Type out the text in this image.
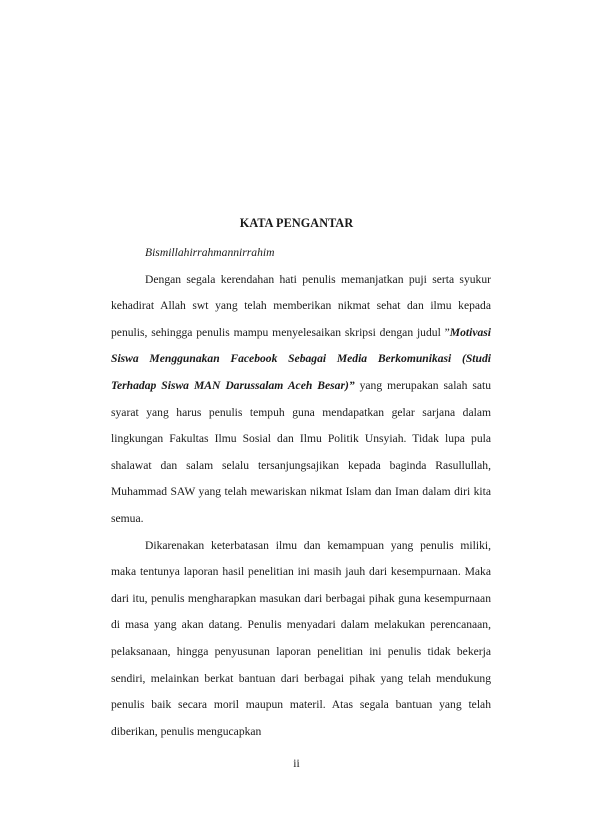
KATA PENGANTAR

Bismillahirrahmannirrahim

Dengan segala kerendahan hati penulis memanjatkan puji serta syukur kehadirat Allah swt yang telah memberikan nikmat sehat dan ilmu kepada penulis, sehingga penulis mampu menyelesaikan skripsi dengan judul ”Motivasi Siswa Menggunakan Facebook Sebagai Media Berkomunikasi (Studi Terhadap Siswa MAN Darussalam Aceh Besar)” yang merupakan salah satu syarat yang harus penulis tempuh guna mendapatkan gelar sarjana dalam lingkungan Fakultas Ilmu Sosial dan Ilmu Politik Unsyiah. Tidak lupa pula shalawat dan salam selalu tersanjungsajikan kepada baginda Rasullullah, Muhammad SAW yang telah mewariskan nikmat Islam dan Iman dalam diri kita semua.

Dikarenakan keterbatasan ilmu dan kemampuan yang penulis miliki, maka tentunya laporan hasil penelitian ini masih jauh dari kesempurnaan. Maka dari itu, penulis mengharapkan masukan dari berbagai pihak guna kesempurnaan di masa yang akan datang. Penulis menyadari dalam melakukan perencanaan, pelaksanaan, hingga penyusunan laporan penelitian ini penulis tidak bekerja sendiri, melainkan berkat bantuan dari berbagai pihak yang telah mendukung penulis baik secara moril maupun materil. Atas segala bantuan yang telah diberikan, penulis mengucapkan

ii
